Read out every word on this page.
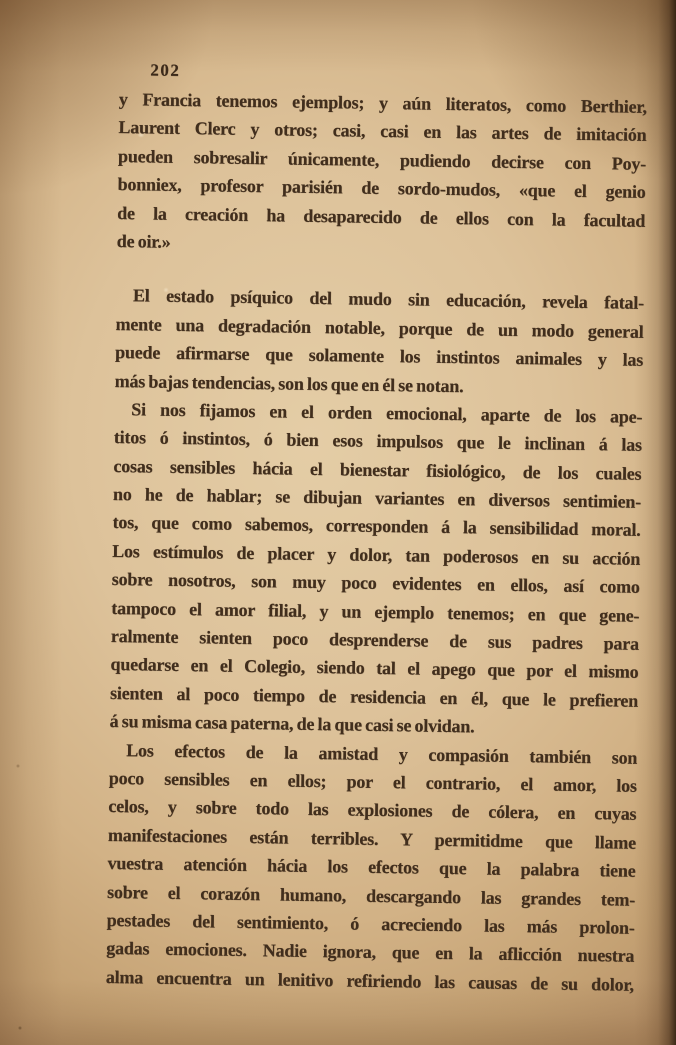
202
y Francia tenemos ejemplos; y aún literatos, como Berthier,
Laurent Clerc y otros; casi, casi en las artes de imitación
pueden sobresalir únicamente, pudiendo decirse con Poy-
bonniex, profesor parisién de sordo-mudos, «que el genio
de la creación ha desaparecido de ellos con la facultad
de oir.»
El estado psíquico del mudo sin educación, revela fatal-
mente una degradación notable, porque de un modo general
puede afirmarse que solamente los instintos animales y las
más bajas tendencias, son los que en él se notan.
Si nos fijamos en el orden emocional, aparte de los ape-
titos ó instintos, ó bien esos impulsos que le inclinan á las
cosas sensibles hácia el bienestar fisiológico, de los cuales
no he de hablar; se dibujan variantes en diversos sentimien-
tos, que como sabemos, corresponden á la sensibilidad moral.
Los estímulos de placer y dolor, tan poderosos en su acción
sobre nosotros, son muy poco evidentes en ellos, así como
tampoco el amor filial, y un ejemplo tenemos; en que gene-
ralmente sienten poco desprenderse de sus padres para
quedarse en el Colegio, siendo tal el apego que por el mismo
sienten al poco tiempo de residencia en él, que le prefieren
á su misma casa paterna, de la que casi se olvidan.
Los efectos de la amistad y compasión también son
poco sensibles en ellos; por el contrario, el amor, los
celos, y sobre todo las explosiones de cólera, en cuyas
manifestaciones están terribles. Y permitidme que llame
vuestra atención hácia los efectos que la palabra tiene
sobre el corazón humano, descargando las grandes tem-
pestades del sentimiento, ó acreciendo las más prolon-
gadas emociones. Nadie ignora, que en la aflicción nuestra
alma encuentra un lenitivo refiriendo las causas de su dolor,
